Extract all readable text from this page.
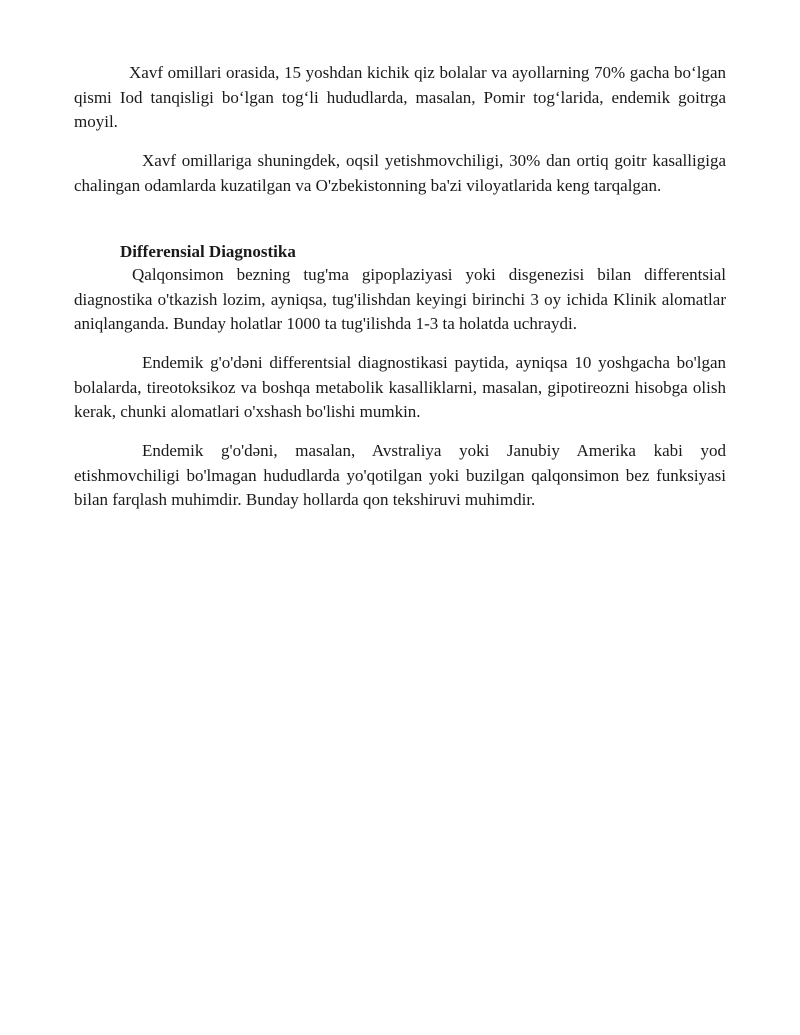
Xavf omillari orasida, 15 yoshdan kichik qiz bolalar va ayollarning 70% gacha bo‘lgan qismi Iod tanqisligi bo‘lgan tog‘li hududlarda, masalan, Pomir tog‘larida, endemik goitrga moyil.

Xavf omillariga shuningdek, oqsil yetishmovchiligi, 30% dan ortiq goitr kasalligiga chalingan odamlarda kuzatilgan va O'zbekistonning ba'zi viloyatlarida keng tarqalgan.

Differensial Diagnostika

Qalqonsimon bezning tug'ma gipoplaziyasi yoki disgenezisi bilan differentsial diagnostika o'tkazish lozim, ayniqsa, tug'ilishdan keyingi birinchi 3 oy ichida Klinik alomatlar aniqlanganda. Bunday holatlar 1000 ta tug'ilishda 1-3 ta holatda uchraydi.

Endemik g'o'dəni differentsial diagnostikasi paytida, ayniqsa 10 yoshgacha bo'lgan bolalarda, tireotoksikoz va boshqa metabolik kasalliklarni, masalan, gipotireozni hisobga olish kerak, chunki alomatlari o'xshash bo'lishi mumkin.

Endemik g'o'dəni, masalan, Avstraliya yoki Janubiy Amerika kabi yod etishmovchiligi bo'lmagan hududlarda yo'qotilgan yoki buzilgan qalqonsimon bez funksiyasi bilan farqlash muhimdir. Bunday hollarda qon tekshiruvi muhimdir.
